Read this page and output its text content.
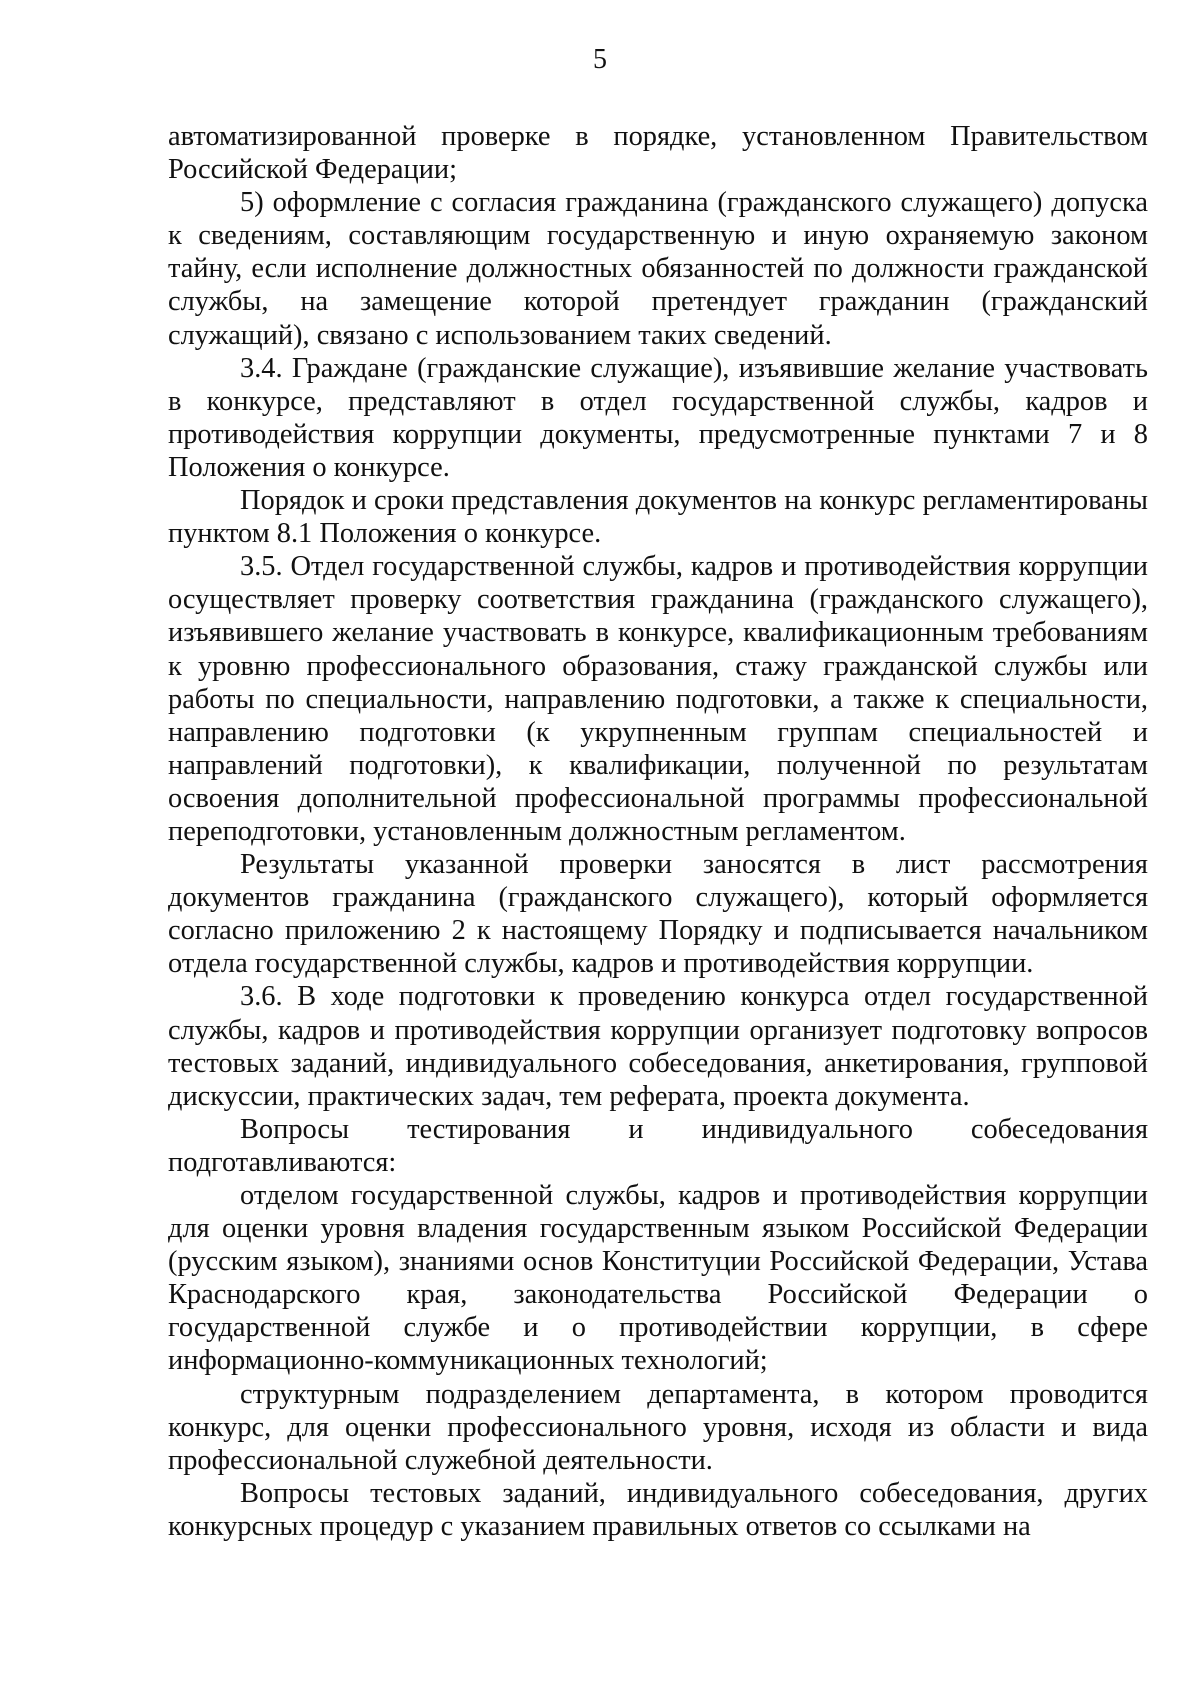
5

автоматизированной проверке в порядке, установленном Правительством Российской Федерации;

5) оформление с согласия гражданина (гражданского служащего) допуска к сведениям, составляющим государственную и иную охраняемую законом тайну, если исполнение должностных обязанностей по должности гражданской службы, на замещение которой претендует гражданин (гражданский служащий), связано с использованием таких сведений.

3.4. Граждане (гражданские служащие), изъявившие желание участвовать в конкурсе, представляют в отдел государственной службы, кадров и противодействия коррупции документы, предусмотренные пунктами 7 и 8 Положения о конкурсе.

Порядок и сроки представления документов на конкурс регламентированы пунктом 8.1 Положения о конкурсе.

3.5. Отдел государственной службы, кадров и противодействия коррупции осуществляет проверку соответствия гражданина (гражданского служащего), изъявившего желание участвовать в конкурсе, квалификационным требованиям к уровню профессионального образования, стажу гражданской службы или работы по специальности, направлению подготовки, а также к специальности, направлению подготовки (к укрупненным группам специальностей и направлений подготовки), к квалификации, полученной по результатам освоения дополнительной профессиональной программы профессиональной переподготовки, установленным должностным регламентом.

Результаты указанной проверки заносятся в лист рассмотрения документов гражданина (гражданского служащего), который оформляется согласно приложению 2 к настоящему Порядку и подписывается начальником отдела государственной службы, кадров и противодействия коррупции.

3.6. В ходе подготовки к проведению конкурса отдел государственной службы, кадров и противодействия коррупции организует подготовку вопросов тестовых заданий, индивидуального собеседования, анкетирования, групповой дискуссии, практических задач, тем реферата, проекта документа.

Вопросы тестирования и индивидуального собеседования подготавливаются:

отделом государственной службы, кадров и противодействия коррупции для оценки уровня владения государственным языком Российской Федерации (русским языком), знаниями основ Конституции Российской Федерации, Устава Краснодарского края, законодательства Российской Федерации о государственной службе и о противодействии коррупции, в сфере информационно-коммуникационных технологий;

структурным подразделением департамента, в котором проводится конкурс, для оценки профессионального уровня, исходя из области и вида профессиональной служебной деятельности.

Вопросы тестовых заданий, индивидуального собеседования, других конкурсных процедур с указанием правильных ответов со ссылками на
